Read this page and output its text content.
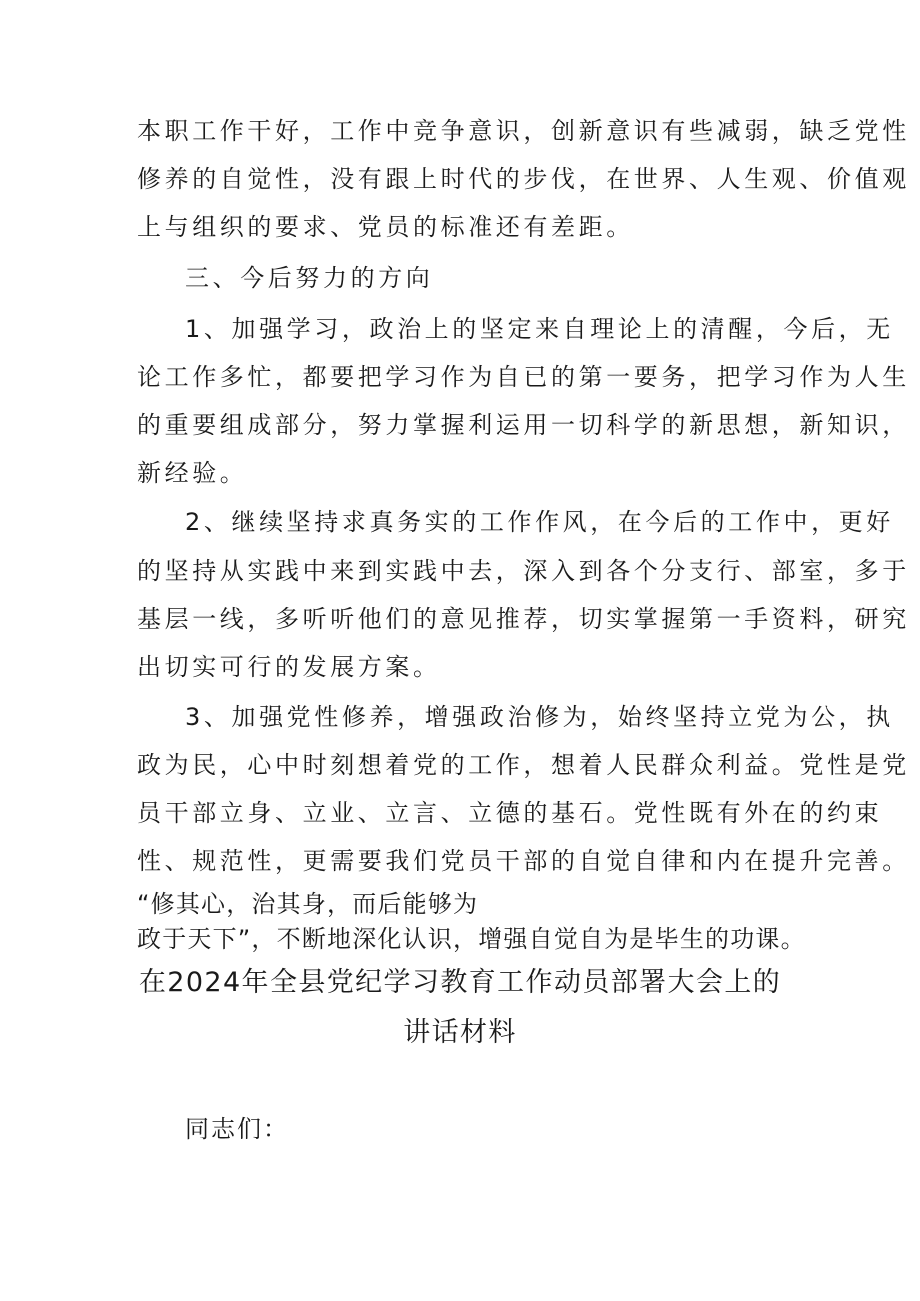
本职工作干好，工作中竞争意识，创新意识有些减弱，缺乏党性
修养的自觉性，没有跟上时代的步伐，在世界、人生观、价值观
上与组织的要求、党员的标准还有差距。
三、今后努力的方向
1、加强学习，政治上的坚定来自理论上的清醒，今后，无
论工作多忙，都要把学习作为自已的第一要务，把学习作为人生
的重要组成部分，努力掌握利运用一切科学的新思想，新知识，
新经验。
2、继续坚持求真务实的工作作风，在今后的工作中，更好
的坚持从实践中来到实践中去，深入到各个分支行、部室，多于
基层一线，多听听他们的意见推荐，切实掌握第一手资料，研究
出切实可行的发展方案。
3、加强党性修养，增强政治修为，始终坚持立党为公，执
政为民，心中时刻想着党的工作，想着人民群众利益。党性是党
员干部立身、立业、立言、立德的基石。党性既有外在的约束
性、规范性，更需要我们党员干部的自觉自律和内在提升完善。
“修其心，治其身，而后能够为
政于天下”，不断地深化认识，增强自觉自为是毕生的功课。
在2024年全县党纪学习教育工作动员部署大会上的
讲话材料
同志们：
